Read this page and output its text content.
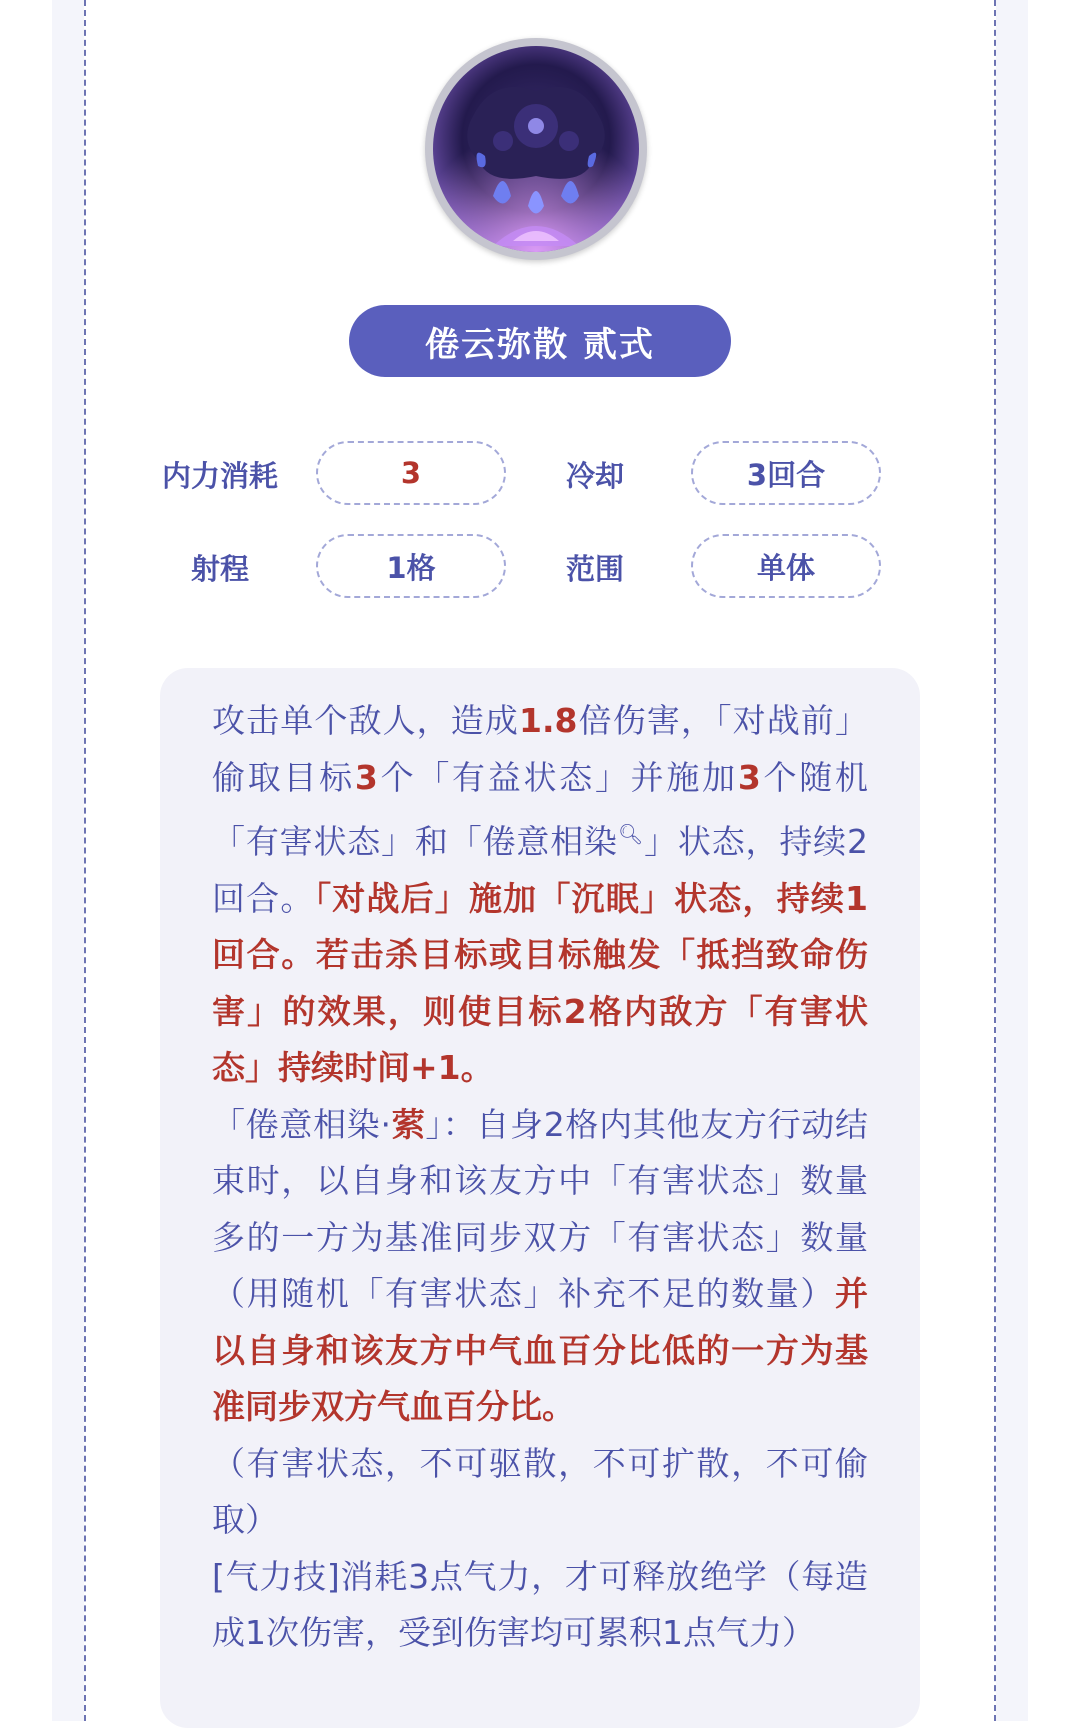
倦云弥散 贰式
内力消耗	3	冷却	3回合
射程	1格	范围	单体

攻击单个敌人，造成1.8倍伤害，「对战前」偷取目标3个「有益状态」并施加3个随机「有害状态」和「倦意相染🔍︎」状态，持续2回合。「对战后」施加「沉眠」状态，持续1回合。若击杀目标或目标触发「抵挡致命伤害」的效果，则使目标2格内敌方「有害状态」持续时间+1。
「倦意相染·萦」：自身2格内其他友方行动结束时，以自身和该友方中「有害状态」数量多的一方为基准同步双方「有害状态」数量（用随机「有害状态」补充不足的数量）并以自身和该友方中气血百分比低的一方为基准同步双方气血百分比。
（有害状态，不可驱散，不可扩散，不可偷取）
[气力技]消耗3点气力，才可释放绝学（每造成1次伤害，受到伤害均可累积1点气力）
